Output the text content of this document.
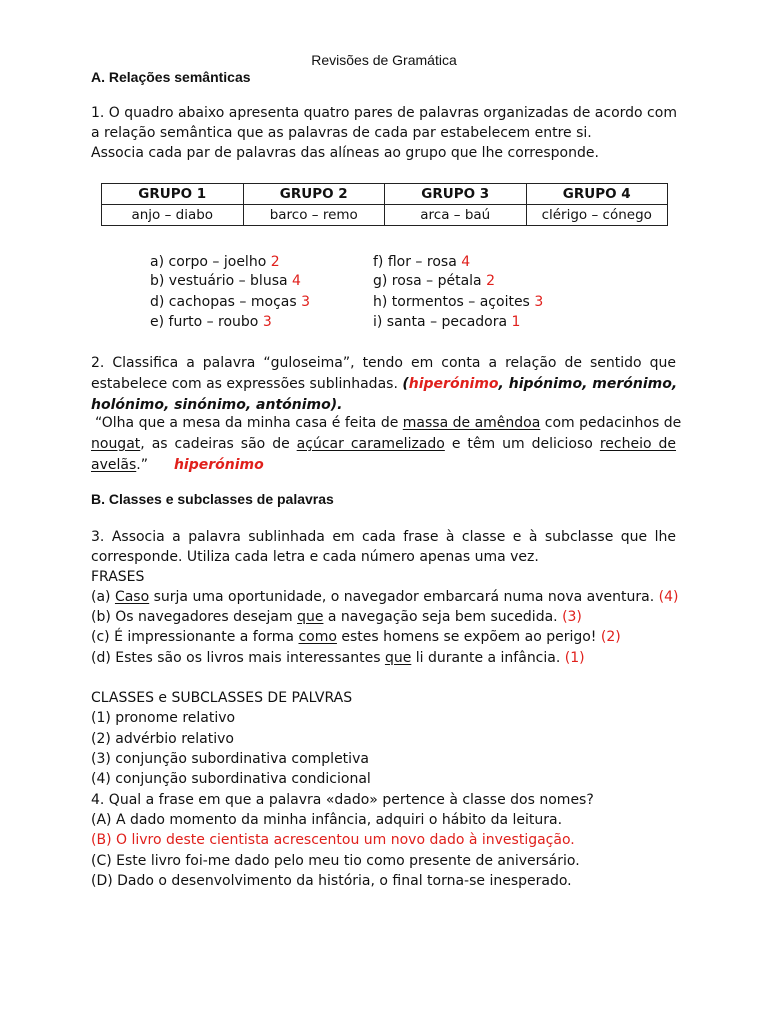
Revisões de Gramática
A. Relações semânticas
1. O quadro abaixo apresenta quatro pares de palavras organizadas de acordo com
a relação semântica que as palavras de cada par estabelecem entre si.
Associa cada par de palavras das alíneas ao grupo que lhe corresponde.
GRUPO 1	GRUPO 2	GRUPO 3	GRUPO 4
anjo – diabo	barco – remo	arca – baú	clérigo – cónego
a) corpo – joelho 2
b) vestuário – blusa 4
d) cachopas – moças 3
e) furto – roubo 3
f) flor – rosa 4
g) rosa – pétala 2
h) tormentos – açoites 3
i) santa – pecadora 1
2. Classifica a palavra “guloseima”, tendo em conta a relação de sentido que
estabelece com as expressões sublinhadas. (hiperónimo, hipónimo, merónimo,
holónimo, sinónimo, antónimo).
“Olha que a mesa da minha casa é feita de massa de amêndoa com pedacinhos de
nougat, as cadeiras são de açúcar caramelizado e têm um delicioso recheio de
avelãs.” hiperónimo
B. Classes e subclasses de palavras
3. Associa a palavra sublinhada em cada frase à classe e à subclasse que lhe
corresponde. Utiliza cada letra e cada número apenas uma vez.
FRASES
(a) Caso surja uma oportunidade, o navegador embarcará numa nova aventura. (4)
(b) Os navegadores desejam que a navegação seja bem sucedida. (3)
(c) É impressionante a forma como estes homens se expõem ao perigo! (2)
(d) Estes são os livros mais interessantes que li durante a infância. (1)
CLASSES e SUBCLASSES DE PALVRAS
(1) pronome relativo
(2) advérbio relativo
(3) conjunção subordinativa completiva
(4) conjunção subordinativa condicional
4. Qual a frase em que a palavra «dado» pertence à classe dos nomes?
(A) A dado momento da minha infância, adquiri o hábito da leitura.
(B) O livro deste cientista acrescentou um novo dado à investigação.
(C) Este livro foi-me dado pelo meu tio como presente de aniversário.
(D) Dado o desenvolvimento da história, o final torna-se inesperado.
